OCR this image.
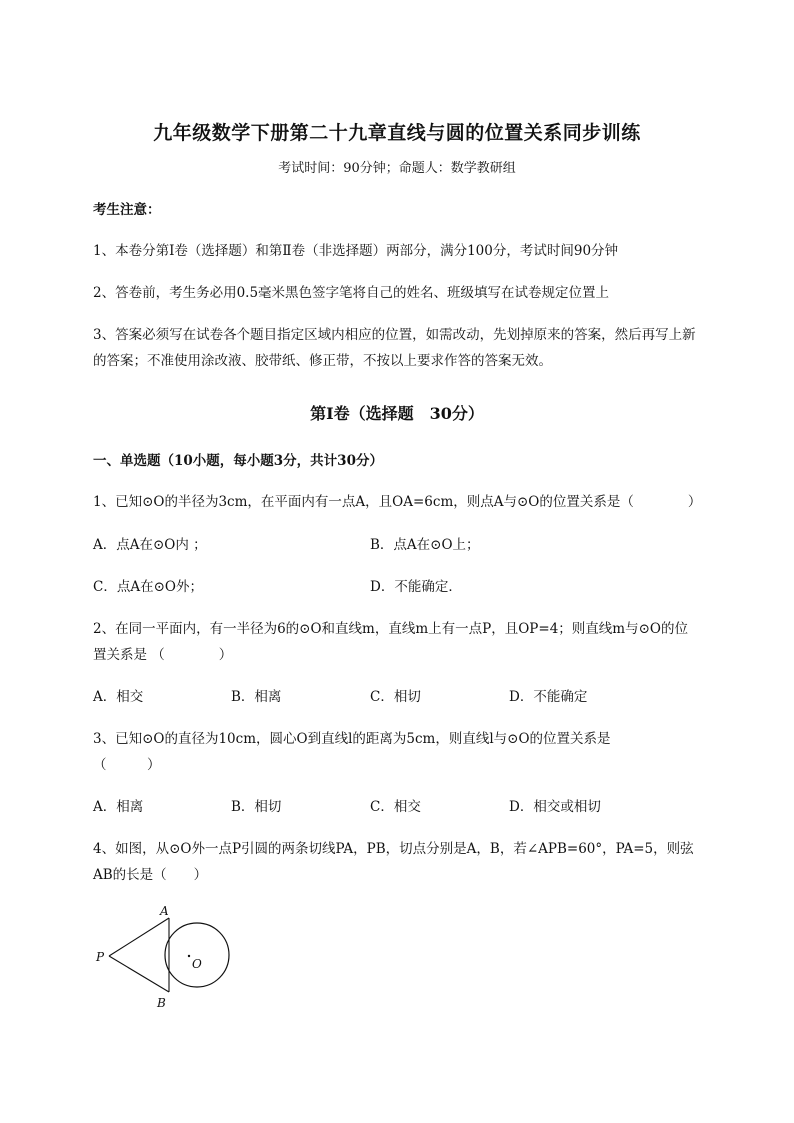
九年级数学下册第二十九章直线与圆的位置关系同步训练
考试时间：90分钟；命题人：数学教研组
考生注意：
1、本卷分第I卷（选择题）和第Ⅱ卷（非选择题）两部分，满分100分，考试时间90分钟
2、答卷前，考生务必用0.5毫米黑色签字笔将自己的姓名、班级填写在试卷规定位置上
3、答案必须写在试卷各个题目指定区域内相应的位置，如需改动，先划掉原来的答案，然后再写上新
的答案；不准使用涂改液、胶带纸、修正带，不按以上要求作答的答案无效。
第I卷（选择题　30分）
一、单选题（10小题，每小题3分，共计30分）
1、已知⊙O的半径为3cm，在平面内有一点A，且OA=6cm，则点A与⊙O的位置关系是（　　　　）
A．点A在⊙O内 ；	B．点A在⊙O上；
C．点A在⊙O外；	D．不能确定．
2、在同一平面内，有一半径为6的⊙O和直线m，直线m上有一点P，且OP=4；则直线m与⊙O的位
置关系是 （　　　　）
A．相交	B．相离	C．相切	D．不能确定
3、已知⊙O的直径为10cm，圆心O到直线l的距离为5cm，则直线l与⊙O的位置关系是
（　　　）
A．相离	B．相切	C．相交	D．相交或相切
4、如图，从⊙O外一点P引圆的两条切线PA，PB，切点分别是A，B，若∠APB=60°，PA=5，则弦
AB的长是（　　）
A
B
P	O
